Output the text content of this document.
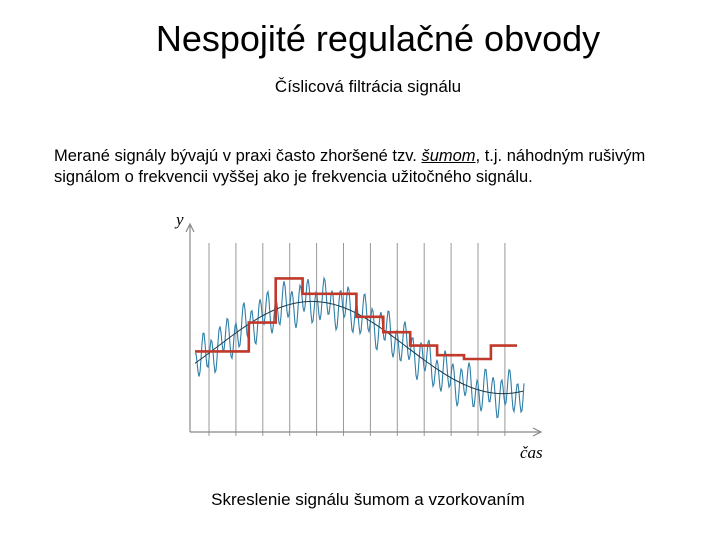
Nespojité regulačné obvody
Číslicová filtrácia signálu
Merané signály bývajú v praxi často zhoršené tzv. šumom, t.j. náhodným rušivým
signálom o frekvencii vyššej ako je frekvencia užitočného signálu.
y
čas
Skreslenie signálu šumom a vzorkovaním
